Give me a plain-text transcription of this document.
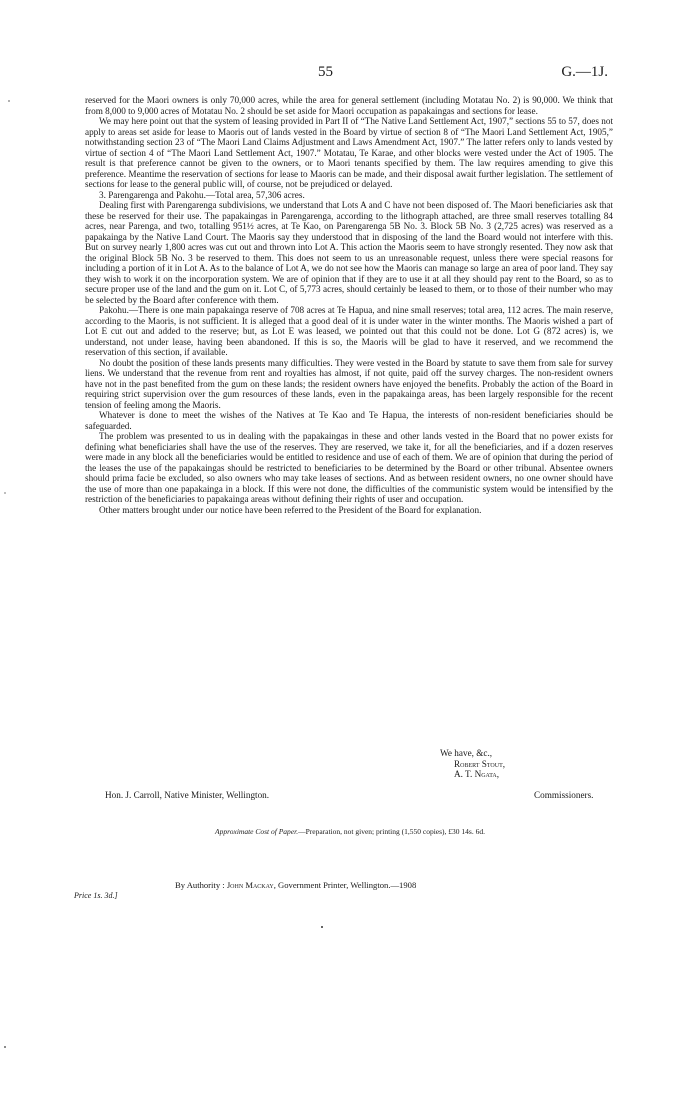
55	G.—1J.

reserved for the Maori owners is only 70,000 acres, while the area for general settlement (including Motatau No. 2) is 90,000. We think that from 8,000 to 9,000 acres of Motatau No. 2 should be set aside for Maori occupation as papakaingas and sections for lease.

We may here point out that the system of leasing provided in Part II of “The Native Land Settlement Act, 1907,” sections 55 to 57, does not apply to areas set aside for lease to Maoris out of lands vested in the Board by virtue of section 8 of “The Maori Land Settlement Act, 1905,” notwithstanding section 23 of “The Maori Land Claims Adjustment and Laws Amendment Act, 1907.” The latter refers only to lands vested by virtue of section 4 of “The Maori Land Settlement Act, 1907.” Motatau, Te Karae, and other blocks were vested under the Act of 1905. The result is that preference cannot be given to the owners, or to Maori tenants specified by them. The law requires amending to give this preference. Meantime the reservation of sections for lease to Maoris can be made, and their disposal await further legislation. The settlement of sections for lease to the general public will, of course, not be prejudiced or delayed.

3. Parengarenga and Pakohu.—Total area, 57,306 acres.

Dealing first with Parengarenga subdivisions, we understand that Lots A and C have not been disposed of. The Maori beneficiaries ask that these be reserved for their use. The papakaingas in Parengarenga, according to the lithograph attached, are three small reserves totalling 84 acres, near Parenga, and two, totalling 951½ acres, at Te Kao, on Parengarenga 5B No. 3. Block 5B No. 3 (2,725 acres) was reserved as a papakainga by the Native Land Court. The Maoris say they understood that in disposing of the land the Board would not interfere with this. But on survey nearly 1,800 acres was cut out and thrown into Lot A. This action the Maoris seem to have strongly resented. They now ask that the original Block 5B No. 3 be reserved to them. This does not seem to us an unreasonable request, unless there were special reasons for including a portion of it in Lot A. As to the balance of Lot A, we do not see how the Maoris can manage so large an area of poor land. They say they wish to work it on the incorporation system. We are of opinion that if they are to use it at all they should pay rent to the Board, so as to secure proper use of the land and the gum on it. Lot C, of 5,773 acres, should certainly be leased to them, or to those of their number who may be selected by the Board after conference with them.

Pakohu.—There is one main papakainga reserve of 708 acres at Te Hapua, and nine small reserves; total area, 112 acres. The main reserve, according to the Maoris, is not sufficient. It is alleged that a good deal of it is under water in the winter months. The Maoris wished a part of Lot E cut out and added to the reserve; but, as Lot E was leased, we pointed out that this could not be done. Lot G (872 acres) is, we understand, not under lease, having been abandoned. If this is so, the Maoris will be glad to have it reserved, and we recommend the reservation of this section, if available.

No doubt the position of these lands presents many difficulties. They were vested in the Board by statute to save them from sale for survey liens. We understand that the revenue from rent and royalties has almost, if not quite, paid off the survey charges. The non-resident owners have not in the past benefited from the gum on these lands; the resident owners have enjoyed the benefits. Probably the action of the Board in requiring strict supervision over the gum resources of these lands, even in the papakainga areas, has been largely responsible for the recent tension of feeling among the Maoris.

Whatever is done to meet the wishes of the Natives at Te Kao and Te Hapua, the interests of non-resident beneficiaries should be safeguarded.

The problem was presented to us in dealing with the papakaingas in these and other lands vested in the Board that no power exists for defining what beneficiaries shall have the use of the reserves. They are reserved, we take it, for all the beneficiaries, and if a dozen reserves were made in any block all the beneficiaries would be entitled to residence and use of each of them. We are of opinion that during the period of the leases the use of the papakaingas should be restricted to beneficiaries to be determined by the Board or other tribunal. Absentee owners should prima facie be excluded, so also owners who may take leases of sections. And as between resident owners, no one owner should have the use of more than one papakainga in a block. If this were not done, the difficulties of the communistic system would be intensified by the restriction of the beneficiaries to papakainga areas without defining their rights of user and occupation.

Other matters brought under our notice have been referred to the President of the Board for explanation.

We have, &c.,
Robert Stout,
A. T. Ngata,
Hon. J. Carroll, Native Minister, Wellington.	Commissioners.
Approximate Cost of Paper.—Preparation, not given; printing (1,550 copies), £30 14s. 6d.
By Authority : John Mackay, Government Printer, Wellington.—1908
Price 1s. 3d.]
